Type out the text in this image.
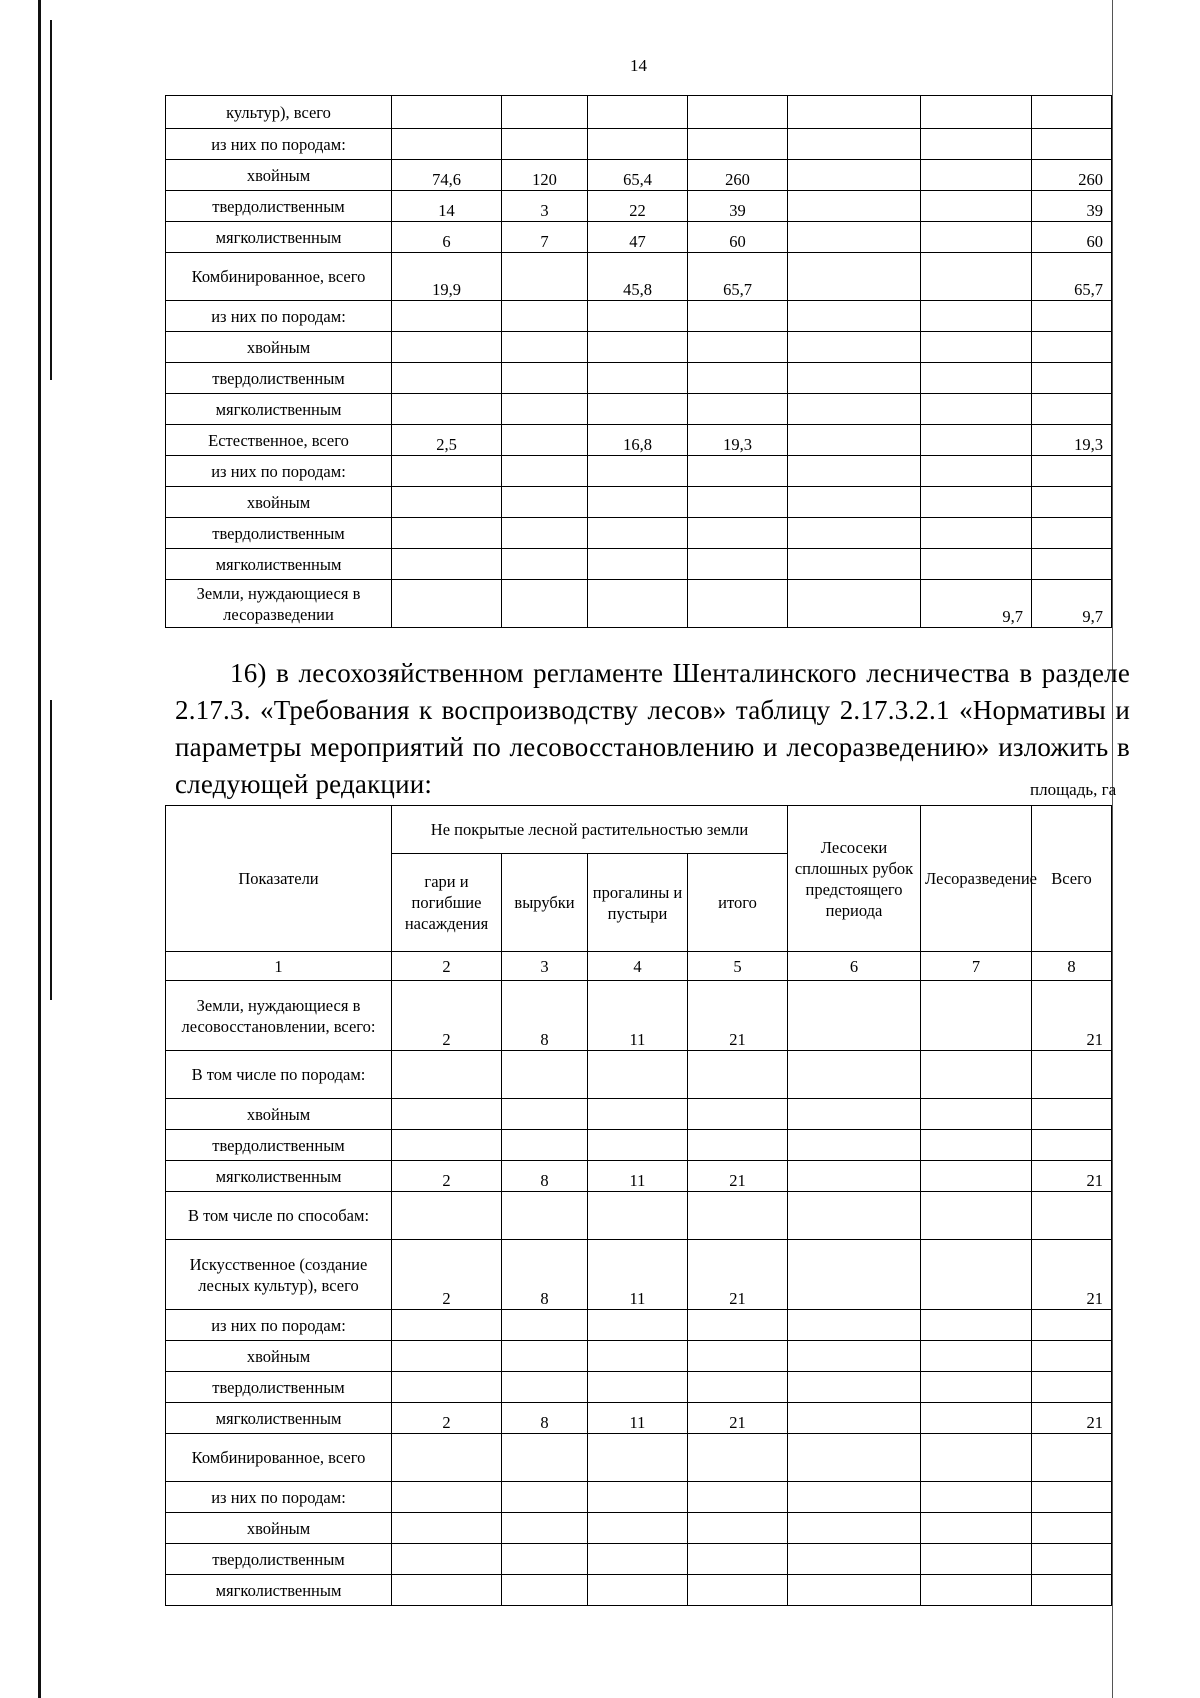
14
культур), всего							
из них по породам:							
хвойным	74,6	120	65,4	260			260
твердолиственным	14	3	22	39			39
мягколиственным	6	7	47	60			60
Комбинированное, всего	19,9		45,8	65,7			65,7
из них по породам:							
хвойным							
твердолиственным							
мягколиственным							
Естественное, всего	2,5		16,8	19,3			19,3
из них по породам:							
хвойным							
твердолиственным							
мягколиственным							
Земли, нуждающиеся в лесоразведении						9,7	9,7

16) в лесохозяйственном регламенте Шенталинского лесничества в разделе 2.17.3. «Требования к воспроизводству лесов» таблицу 2.17.3.2.1 «Нормативы и параметры мероприятий по лесовосстановлению и лесоразведению» изложить в следующей редакции:	площадь, га
Показатели	Не покрытые лесной растительностью земли				Лесосеки сплошных рубок предстоящего периода	Лесоразведение	Всего
	гари и погибшие насаждения	вырубки	прогалины и пустыри	итого			
1	2	3	4	5	6	7	8
Земли, нуждающиеся в лесовосстановлении, всего:	2	8	11	21			21
В том числе по породам:							
хвойным							
твердолиственным							
мягколиственным	2	8	11	21			21
В том числе по способам:							
Искусственное (создание лесных культур), всего	2	8	11	21			21
из них по породам:							
хвойным							
твердолиственным							
мягколиственным	2	8	11	21			21
Комбинированное, всего							
из них по породам:							
хвойным							
твердолиственным							
мягколиственным							
